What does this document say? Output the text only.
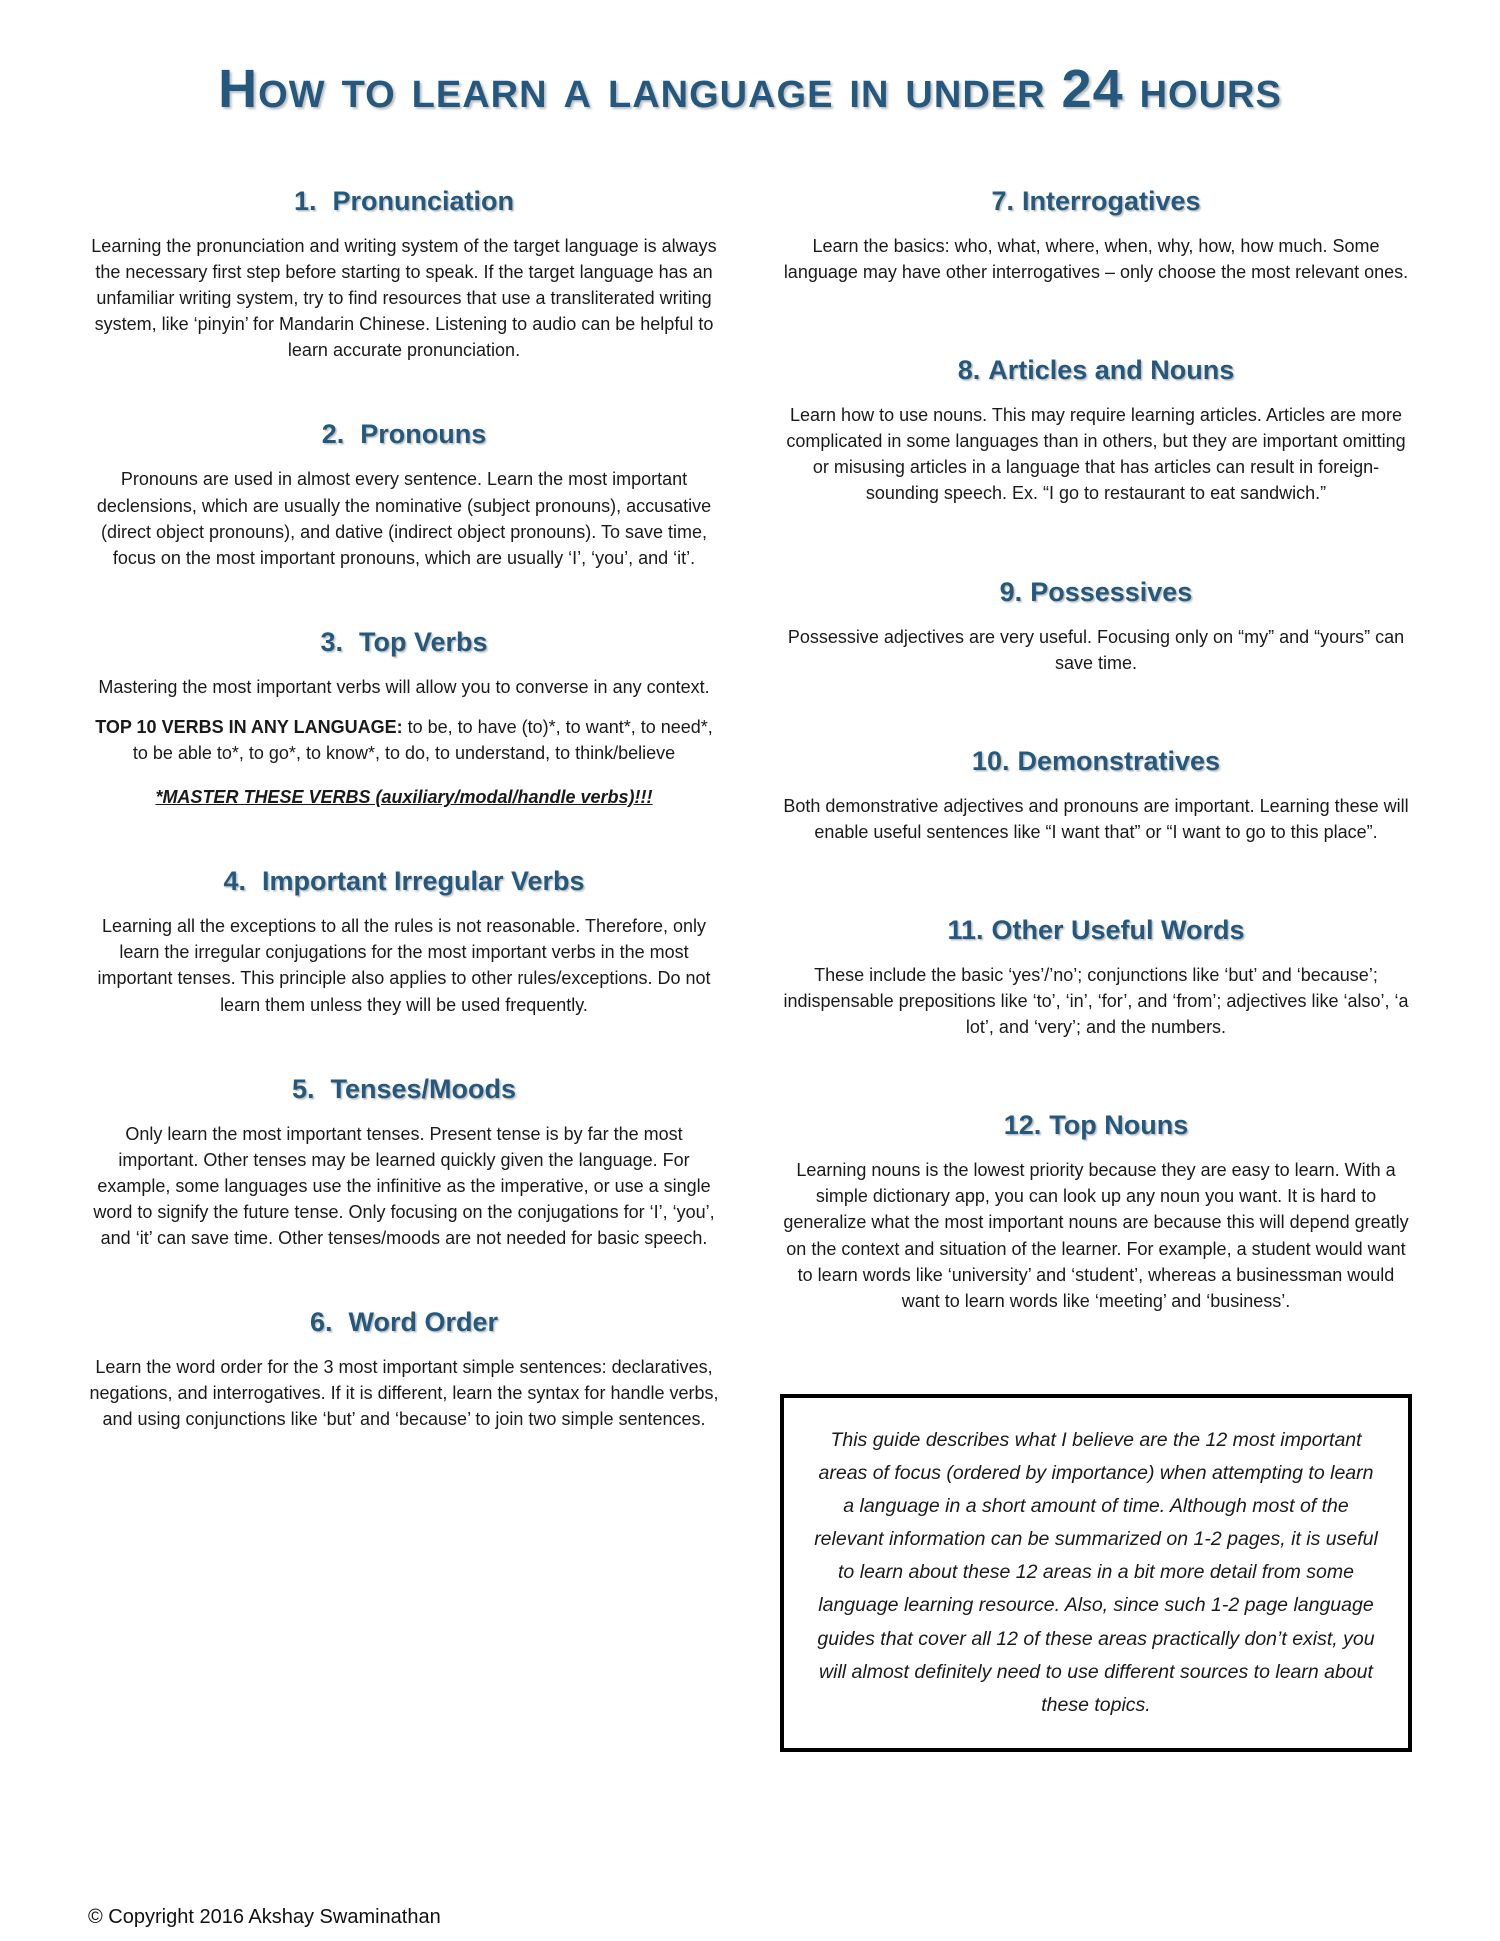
How to learn a language in under 24 hours
1. Pronunciation

Learning the pronunciation and writing system of the target language is always the necessary first step before starting to speak. If the target language has an unfamiliar writing system, try to find resources that use a transliterated writing system, like ‘pinyin’ for Mandarin Chinese. Listening to audio can be helpful to learn accurate pronunciation.

2. Pronouns

Pronouns are used in almost every sentence. Learn the most important declensions, which are usually the nominative (subject pronouns), accusative (direct object pronouns), and dative (indirect object pronouns). To save time, focus on the most important pronouns, which are usually ‘I’, ‘you’, and ‘it’.

3. Top Verbs

Mastering the most important verbs will allow you to converse in any context.

TOP 10 VERBS IN ANY LANGUAGE: to be, to have (to)*, to want*, to need*, to be able to*, to go*, to know*, to do, to understand, to think/believe

*MASTER THESE VERBS (auxiliary/modal/handle verbs)!!!

4. Important Irregular Verbs

Learning all the exceptions to all the rules is not reasonable. Therefore, only learn the irregular conjugations for the most important verbs in the most important tenses. This principle also applies to other rules/exceptions. Do not learn them unless they will be used frequently.

5. Tenses/Moods

Only learn the most important tenses. Present tense is by far the most important. Other tenses may be learned quickly given the language. For example, some languages use the infinitive as the imperative, or use a single word to signify the future tense. Only focusing on the conjugations for ‘I’, ‘you’, and ‘it’ can save time. Other tenses/moods are not needed for basic speech.

6. Word Order

Learn the word order for the 3 most important simple sentences: declaratives, negations, and interrogatives. If it is different, learn the syntax for handle verbs, and using conjunctions like ‘but’ and ‘because’ to join two simple sentences.

7. Interrogatives

Learn the basics: who, what, where, when, why, how, how much. Some language may have other interrogatives – only choose the most relevant ones.

8. Articles and Nouns

Learn how to use nouns. This may require learning articles. Articles are more complicated in some languages than in others, but they are important omitting or misusing articles in a language that has articles can result in foreign-sounding speech. Ex. “I go to restaurant to eat sandwich.”

9. Possessives

Possessive adjectives are very useful. Focusing only on “my” and “yours” can save time.

10. Demonstratives

Both demonstrative adjectives and pronouns are important. Learning these will enable useful sentences like “I want that” or “I want to go to this place”.

11. Other Useful Words

These include the basic ‘yes’/’no’; conjunctions like ‘but’ and ‘because’; indispensable prepositions like ‘to’, ‘in’, ‘for’, and ‘from’; adjectives like ‘also’, ‘a lot’, and ‘very’; and the numbers.

12. Top Nouns

Learning nouns is the lowest priority because they are easy to learn. With a simple dictionary app, you can look up any noun you want. It is hard to generalize what the most important nouns are because this will depend greatly on the context and situation of the learner. For example, a student would want to learn words like ‘university’ and ‘student’, whereas a businessman would want to learn words like ‘meeting’ and ‘business’.

This guide describes what I believe are the 12 most important areas of focus (ordered by importance) when attempting to learn a language in a short amount of time. Although most of the relevant information can be summarized on 1-2 pages, it is useful to learn about these 12 areas in a bit more detail from some language learning resource. Also, since such 1-2 page language guides that cover all 12 of these areas practically don’t exist, you will almost definitely need to use different sources to learn about these topics.

© Copyright 2016 Akshay Swaminathan
